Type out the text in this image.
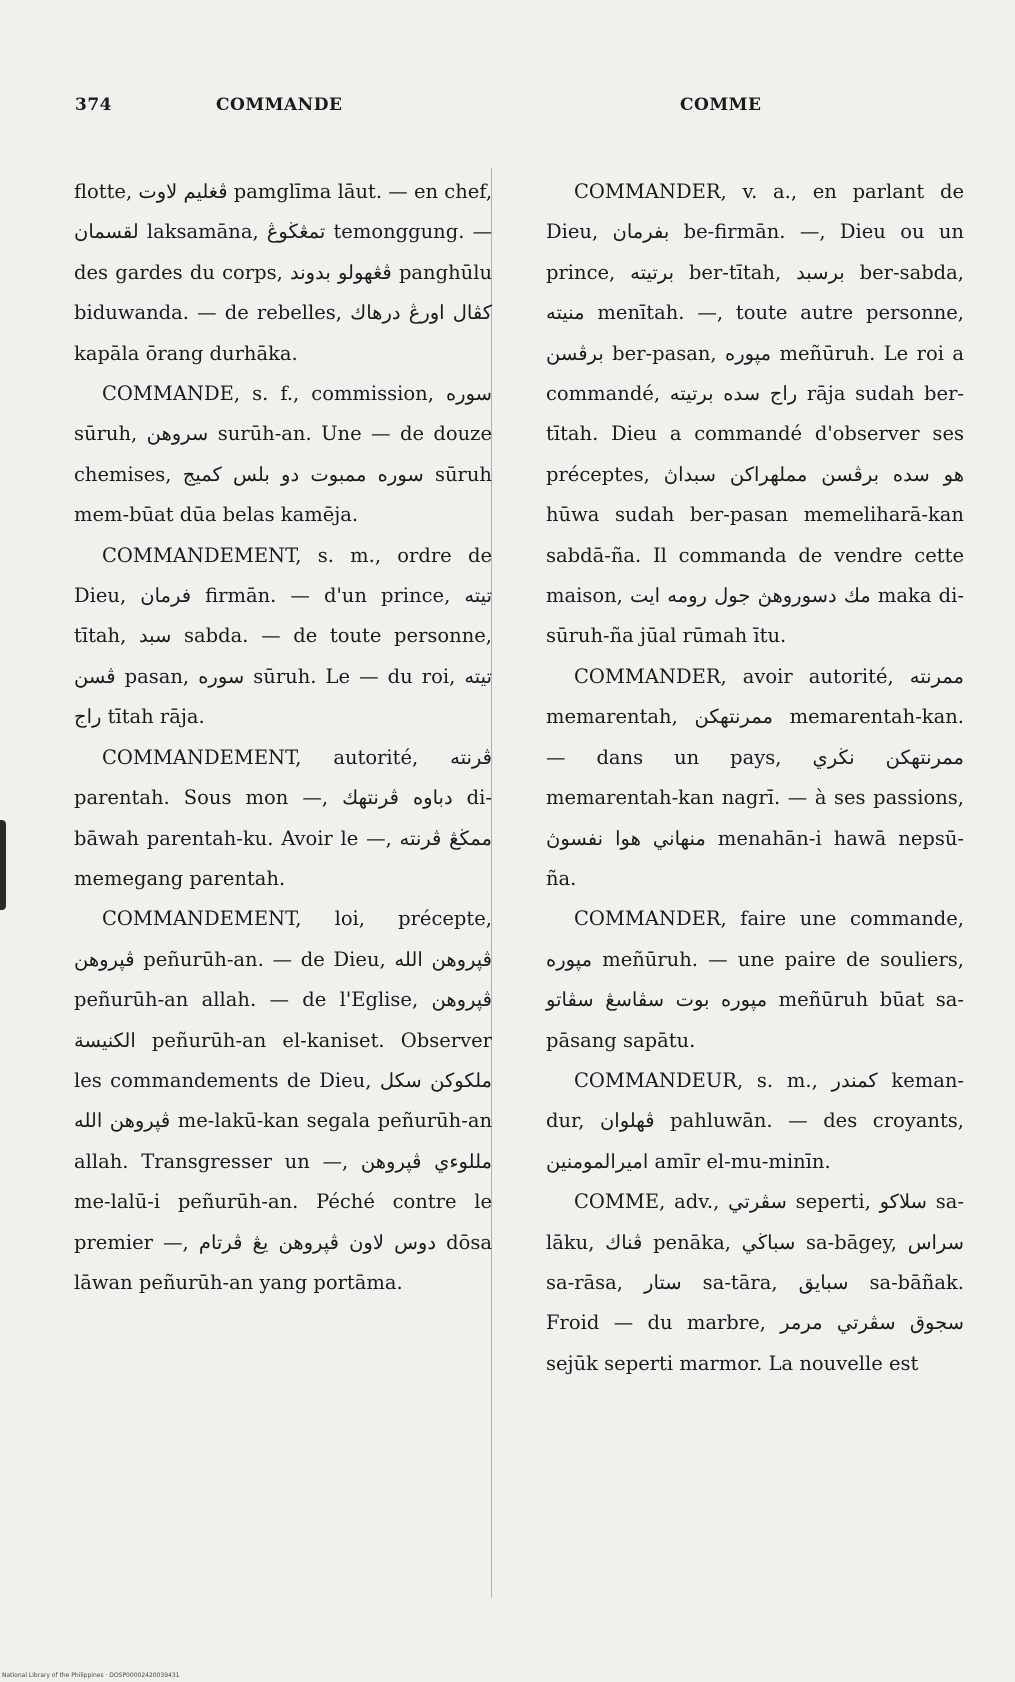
374	COMMANDE	COMME

flotte, ڤغليم لاوت pamglīma lāut. — en chef, لقسمان laksamāna, تمڠڬوڠ temonggung. — des gardes du corps, ڤڠهولو بدوند panghūlu biduwanda. — de rebelles, كڤال اورڠ درهاك kapāla ōrang durhāka.

COMMANDE, s. f., commission, سوره sūruh, سروهن surūh-an. Une — de douze chemises, سوره ممبوت دو بلس كميج sūruh mem-būat dūa belas kamēja.

COMMANDEMENT, s. m., ordre de Dieu, فرمان firmān. — d'un prince, تيته tītah, سبد sabda. — de toute personne, ڤسن pasan, سوره sūruh. Le — du roi, تيته راج tītah rāja.

COMMANDEMENT, autorité, ڤرنته parentah. Sous mon —, دباوه ڤرنتهك di-bāwah parentah-ku. Avoir le —, ممڬڠ ڤرنته memegang parentah.

COMMANDEMENT, loi, précepte, ڤپروهن peñurūh-an. — de Dieu, ڤپروهن الله peñurūh-an allah. — de l'Eglise, ڤپروهن الكنيسة peñurūh-an el-kaniset. Observer les commandements de Dieu, ملكوكن سكل ڤپروهن الله me-lakū-kan segala peñurūh-an allah. Transgresser un —, مللوءي ڤپروهن me-lalū-i peñurūh-an. Péché contre le premier —, دوس لاون ڤپروهن يڠ ڤرتام dōsa lāwan peñurūh-an yang portāma.

COMMANDER, v. a., en parlant de Dieu, بفرمان be-firmān. —, Dieu ou un prince, برتيته ber-tītah, برسبد ber-sabda, منيته menītah. —, toute autre personne, برڤسن ber-pasan, مپوره meñūruh. Le roi a commandé, راج سده برتيته rāja sudah ber-tītah. Dieu a commandé d'observer ses préceptes, هو سده برڤسن مملهراكن سبداڽ hūwa sudah ber-pasan memeliharā-kan sabdā-ña. Il commanda de vendre cette maison, مك دسوروهڽ جول رومه ايت maka di-sūruh-ña jūal rūmah ītu.

COMMANDER, avoir autorité, ممرنته memarentah, ممرنتهكن memarentah-kan. — dans un pays, ممرنتهكن نڬري memarentah-kan nagrī. — à ses passions, منهاني هوا نفسوڽ menahān-i hawā nepsū-ña.

COMMANDER, faire une commande, مپوره meñūruh. — une paire de souliers, مپوره بوت سڤاسڠ سڤاتو meñūruh būat sa-pāsang sapātu.

COMMANDEUR, s. m., كمندر keman-dur, ڤهلوان pahluwān. — des croyants, اميرالمومنين amīr el-mu-minīn.

COMME, adv., سڤرتي seperti, سلاكو sa-lāku, ڤناك penāka, سباڬي sa-bāgey, سراس sa-rāsa, ستار sa-tāra, سبايق sa-bāñak. Froid — du marbre, سجوق سڤرتي مرمر sejūk seperti marmor. La nouvelle est

National Library of the Philippines · DOSP00002420039431
